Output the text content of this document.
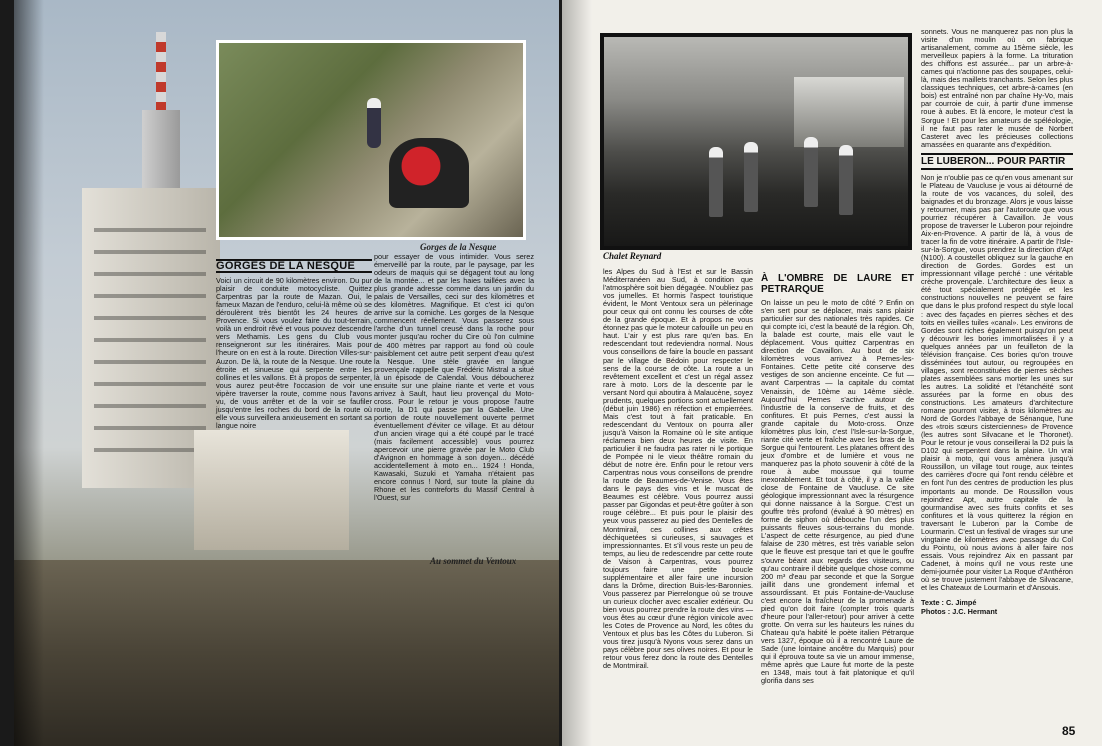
Gorges de la Nesque
Au sommet du Ventoux
GORGES DE LA NESQUE

Voici un circuit de 90 kilomètres environ. Du pur plaisir de conduite motocycliste. Quittez Carpentras par la route de Mazan. Oui, le fameux Mazan de l'enduro, celui-là même où se déroulèrent très bientôt les 24 heures de Provence. Si vous voulez faire du tout-terrain, voilà un endroit rêvé et vous pouvez descendre vers Methamis. Les gens du Club vous renseigneront sur les itinéraires. Mais pour l'heure on en est à la route. Direction Villes-sur-Auzon. De là, la route de la Nesque. Une route étroite et sinueuse qui serpente entre les collines et les vallons. Et à propos de serpenter, vous aurez peut-être l'occasion de voir une vipère traverser la route, comme nous l'avons vu, de vous arrêter et de la voir se faufiler jusqu'entre les roches du bord de la route où elle vous surveillera anxieusement en sortant sa langue noire

pour essayer de vous intimider. Vous serez émerveillé par la route, par le paysage, par les odeurs de maquis qui se dégagent tout au long de la montée... et par les haies taillées avec la plus grande adresse comme dans un jardin du palais de Versailles, ceci sur des kilomètres et des kilomètres. Magnifique. Et c'est ici qu'on arrive sur la corniche. Les gorges de la Nesque commencent réellement. Vous passerez sous l'arche d'un tunnel creusé dans la roche pour monter jusqu'au rocher du Cire où l'on culmine de 400 mètres par rapport au fond où coule paisiblement cet autre petit serpent d'eau qu'est la Nesque. Une stèle gravée en langue provençale rappelle que Frédéric Mistral a situé là un épisode de Calendal. Vous déboucherez ensuite sur une plaine riante et verte et vous arrivez à Sault, haut lieu provençal du Moto-cross. Pour le retour je vous propose l'autre route, la D1 qui passe par la Gabelle. Une portion de route nouvellement ouverte permet éventuellement d'éviter ce village. Et au détour d'un ancien virage qui a été coupé par le tracé (mais facilement accessible) vous pourrez apercevoir une pierre gravée par le Moto Club d'Avignon en hommage à son doyen... décédé accidentellement à moto en... 1924 ! Honda, Kawasaki, Suzuki et Yamaha n'étaient pas encore connus ! Nord, sur toute la plaine du Rhone et les contreforts du Massif Central à l'Ouest, sur

Chalet Reynard

les Alpes du Sud à l'Est et sur le Bassin Méditerranéen au Sud, à condition que l'atmosphère soit bien dégagée. N'oubliez pas vos jumelles. Et hormis l'aspect touristique évident, le Mont Ventoux sera un pèlerinage pour ceux qui ont connu les courses de côte de la grande époque. Et à propos ne vous étonnez pas que le moteur cafouille un peu en haut. L'air y est plus rare qu'en bas. En redescendant tout redeviendra normal. Nous vous conseillons de faire la boucle en passant par le village de Bédoin pour respecter le sens de la course de côte. La route a un revêtement excellent et c'est un régal assez rare à moto. Lors de la descente par le versant Nord qui aboutira à Malaucène, soyez prudents, quelques portions sont actuellement (début juin 1986) en réfection et empierrées. Mais c'est tout à fait praticable. En redescendant du Ventoux on pourra aller jusqu'à Vaison la Romaine où le site antique réclamera bien deux heures de visite. En particulier il ne faudra pas rater ni le portique de Pompée ni le vieux théâtre romain du début de notre ère. Enfin pour le retour vers Carpentras nous vous conseillons de prendre la route de Beaumes-de-Venise. Vous êtes dans le pays des vins et le muscat de Beaumes est célèbre. Vous pourrez aussi passer par Gigondas et peut-être goûter à son rouge célèbre... Et puis pour le plaisir des yeux vous passerez au pied des Dentelles de Montmirail, ces collines aux crêtes déchiquetées si curieuses, si sauvages et impressionnantes. Et s'il vous reste un peu de temps, au lieu de redescendre par cette route de Vaison à Carpentras, vous pourrez toujours faire une petite boucle supplémentaire et aller faire une incursion dans la Drôme, direction Buis-les-Baronnies. Vous passerez par Pierrelongue où se trouve un curieux clocher avec escalier extérieur. Ou bien vous pourrez prendre la route des vins — vous êtes au cœur d'une région vinicole avec les Cotes de Provence au Nord, les côtes du Ventoux et plus bas les Côtes du Luberon. Si vous tirez jusqu'à Nyons vous serez dans un pays célèbre pour ses olives noires. Et pour le retour vous ferez donc la route des Dentelles de Montmirail.

À L'OMBRE DE LAURE ET PETRARQUE

On laisse un peu le moto de côté ? Enfin on s'en sert pour se déplacer, mais sans plaisir particulier sur des nationales très rapides. Ce qui compte ici, c'est la beauté de la région. Oh, la balade est courte, mais elle vaut le déplacement. Vous quittez Carpentras en direction de Cavaillon. Au bout de six kilomètres vous arrivez à Pernes-les-Fontaines. Cette petite cité conserve des vestiges de son ancienne enceinte. Ce fut — avant Carpentras — la capitale du comtat Venaissin, de 10ème au 14ème siècle. Aujourd'hui Pernes s'active autour de l'industrie de la conserve de fruits, et des confitures. Et puis Pernes, c'est aussi la grande capitale du Moto-cross. Onze kilomètres plus loin, c'est l'Isle-sur-la-Sorgue, riante cité verte et fraîche avec les bras de la Sorgue qui l'entourent. Les platanes offrent des jeux d'ombre et de lumière et vous ne manquerez pas la photo souvenir à côté de la roue à aube moussue qui tourne inexorablement. Et tout à côté, il y a la vallée close de Fontaine de Vaucluse. Ce site géologique impressionnant avec la résurgence qui donne naissance à la Sorgue. C'est un gouffre très profond (évalué à 90 mètres) en forme de siphon où débouche l'un des plus puissants fleuves sous-terrains du monde. L'aspect de cette résurgence, au pied d'une falaise de 230 mètres, est très variable selon que le fleuve est presque tari et que le gouffre s'ouvre béant aux regards des visiteurs, ou qu'au contraire il débite quelque chose comme 200 m³ d'eau par seconde et que la Sorgue jaillit dans une grondement infernal et assourdissant. Et puis Fontaine-de-Vaucluse c'est encore la fraîcheur de la promenade à pied qu'on doit faire (compter trois quarts d'heure pour l'aller-retour) pour arriver à cette grotte. On verra sur les hauteurs les ruines du Chateau qu'a habité le poète italien Pétrarque vers 1327, époque où il a rencontré Laure de Sade (une lointaine ancêtre du Marquis) pour qui il éprouva toute sa vie un amour immense, même après que Laure fut morte de la peste en 1348, mais tout à fait platonique et qu'il glorifia dans ses

sonnets. Vous ne manquerez pas non plus la visite d'un moulin où on fabrique artisanalement, comme au 15ème siècle, les merveilleux papiers à la forme. La trituration des chiffons est assurée... par un arbre-à-cames qui n'actionne pas des soupapes, celui-là, mais des maillets tranchants. Selon les plus classiques techniques, cet arbre-à-cames (en bois) est entraîné non par chaîne Hy-Vo, mais par courroie de cuir, à partir d'une immense roue à aubes. Et là encore, le moteur c'est la Sorgue ! Et pour les amateurs de spéléologie, il ne faut pas rater le musée de Norbert Casteret avec les précieuses collections amassées en quarante ans d'expédition.

LE LUBERON... POUR PARTIR

Non je n'oublie pas ce qu'en vous amenant sur le Plateau de Vaucluse je vous ai détourné de la route de vos vacances, du soleil, des baignades et du bronzage. Alors je vous laisse y retourner, mais pas par l'autoroute que vous pourriez récupérer à Cavaillon. Je vous propose de traverser le Luberon pour rejoindre Aix-en-Provence. A partir de là, à vous de tracer la fin de votre itinéraire. A partir de l'Isle-sur-la-Sorgue, vous prendrez la direction d'Apt (N100). A coustellet obliquez sur la gauche en direction de Gordes. Gordes est un impressionnant village perché : une véritable crèche provençale. L'architecture des lieux a été tout spécialement protégée et les constructions nouvelles ne peuvent se faire que dans le plus profond respect du style local : avec des façades en pierres sèches et des toits en vieilles tuiles «canal». Les environs de Gordes sont riches également puisqu'on peut y découvrir les bories immortalisées il y a quelques années par un feuilleton de la télévision française. Ces bories qu'on trouve disséminées tout autour, ou regroupées en villages, sont reconstituées de pierres sèches plates assemblées sans mortier les unes sur les autres. La solidité et l'étanchéité sont assurées par la forme en obus des constructions. Les amateurs d'architecture romane pourront visiter, à trois kilomètres au Nord de Gordes l'abbaye de Sénanque, l'une des «trois sœurs cisterciennes» de Provence (les autres sont Silvacane et le Thoronet). Pour le retour je vous conseillerai la D2 puis la D102 qui serpentent dans la plaine. Un vrai plaisir à moto, qui vous amènera jusqu'à Roussillon, un village tout rouge, aux teintes des carrières d'ocre qui l'ont rendu célèbre et en font l'un des centres de production les plus importants au monde. De Roussillon vous rejoindrez Apt, autre capitale de la gourmandise avec ses fruits confits et ses confitures et là vous quitterez la région en traversant le Luberon par la Combe de Lourmarin. C'est un festival de virages sur une vingtaine de kilomètres avec passage du Col du Pointu, où nous avions à aller faire nos essais. Vous rejoindrez Aix en passant par Cadenet, à moins qu'il ne vous reste une demi-journée pour visiter La Roque d'Anthéron où se trouve justement l'abbaye de Silvacane, et les Chateaux de Lourmarin et d'Ansouis.

Texte : C. Jimpé
Photos : J.C. Hermant
85
